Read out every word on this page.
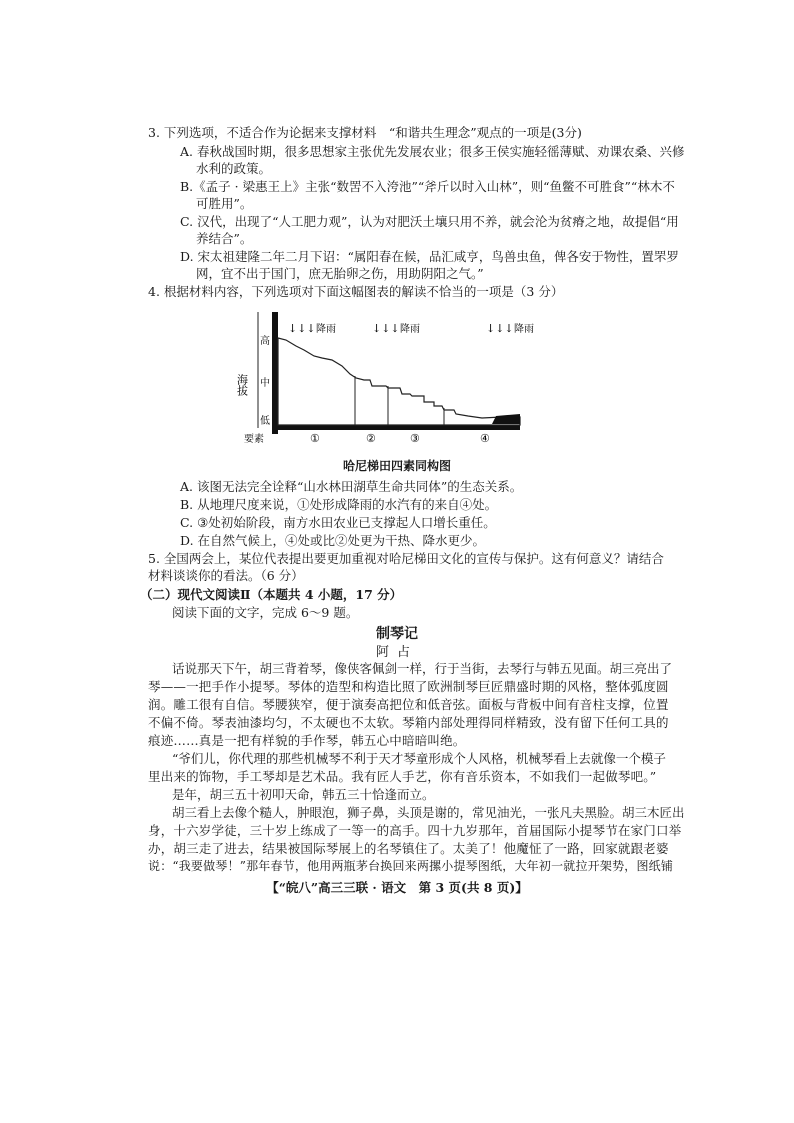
3. 下列选项，不适合作为论据来支撑材料　“和谐共生理念”观点的一项是(3分)
A. 春秋战国时期，很多思想家主张优先发展农业；很多王侯实施轻徭薄赋、劝课农桑、兴修
水利的政策。
B.《孟子 · 梁惠王上》主张“数罟不入洿池”“斧斤以时入山林”，则“鱼鳖不可胜食”“林木不
可胜用”。
C. 汉代，出现了“人工肥力观”，认为对肥沃土壤只用不养，就会沦为贫瘠之地，故提倡“用
养结合”。
D. 宋太祖建隆二年二月下诏：“属阳春在候，品汇咸亨，鸟兽虫鱼，俾各安于物性，置罘罗
网，宜不出于国门，庶无胎卵之伤，用助阴阳之气。”
4. 根据材料内容，下列选项对下面这幅图表的解读不恰当的一项是（3 分）
海拔
高
中
低
要素	①	②	③	④
↓↓↓ 降雨	↓↓↓ 降雨	↓↓↓ 降雨
哈尼梯田四素同构图
A. 该图无法完全诠释“山水林田湖草生命共同体”的生态关系。
B. 从地理尺度来说，①处形成降雨的水汽有的来自④处。
C. ③处初始阶段，南方水田农业已支撑起人口增长重任。
D. 在自然气候上，④处或比②处更为干热、降水更少。
5. 全国两会上，某位代表提出要更加重视对哈尼梯田文化的宣传与保护。这有何意义？请结合
材料谈谈你的看法。（6 分）
（二）现代文阅读Ⅱ（本题共 4 小题，17 分）
阅读下面的文字，完成 6～9 题。
制琴记
阿占
话说那天下午，胡三背着琴，像侠客佩剑一样，行于当街，去琴行与韩五见面。胡三亮出了
琴——一把手作小提琴。琴体的造型和构造比照了欧洲制琴巨匠鼎盛时期的风格，整体弧度圆
润。雕工很有自信。琴腰狭窄，便于演奏高把位和低音弦。面板与背板中间有音柱支撑，位置
不偏不倚。琴表油漆均匀，不太硬也不太软。琴箱内部处理得同样精致，没有留下任何工具的
痕迹……真是一把有样貌的手作琴，韩五心中暗暗叫绝。
“爷们儿，你代理的那些机械琴不利于天才琴童形成个人风格，机械琴看上去就像一个模子
里出来的饰物，手工琴却是艺术品。我有匠人手艺，你有音乐资本，不如我们一起做琴吧。”
是年，胡三五十初叩天命，韩五三十恰逢而立。
胡三看上去像个糙人，肿眼泡，狮子鼻，头顶是谢的，常见油光，一张凡夫黑脸。胡三木匠出
身，十六岁学徒，三十岁上练成了一等一的高手。四十九岁那年，首届国际小提琴节在家门口举
办，胡三走了进去，结果被国际琴展上的名琴镇住了。太美了！他魔怔了一路，回家就跟老婆
说：“我要做琴！”那年春节，他用两瓶茅台换回来两摞小提琴图纸，大年初一就拉开架势，图纸铺
【“皖八”高三三联 · 语文　第 3 页(共 8 页)】
